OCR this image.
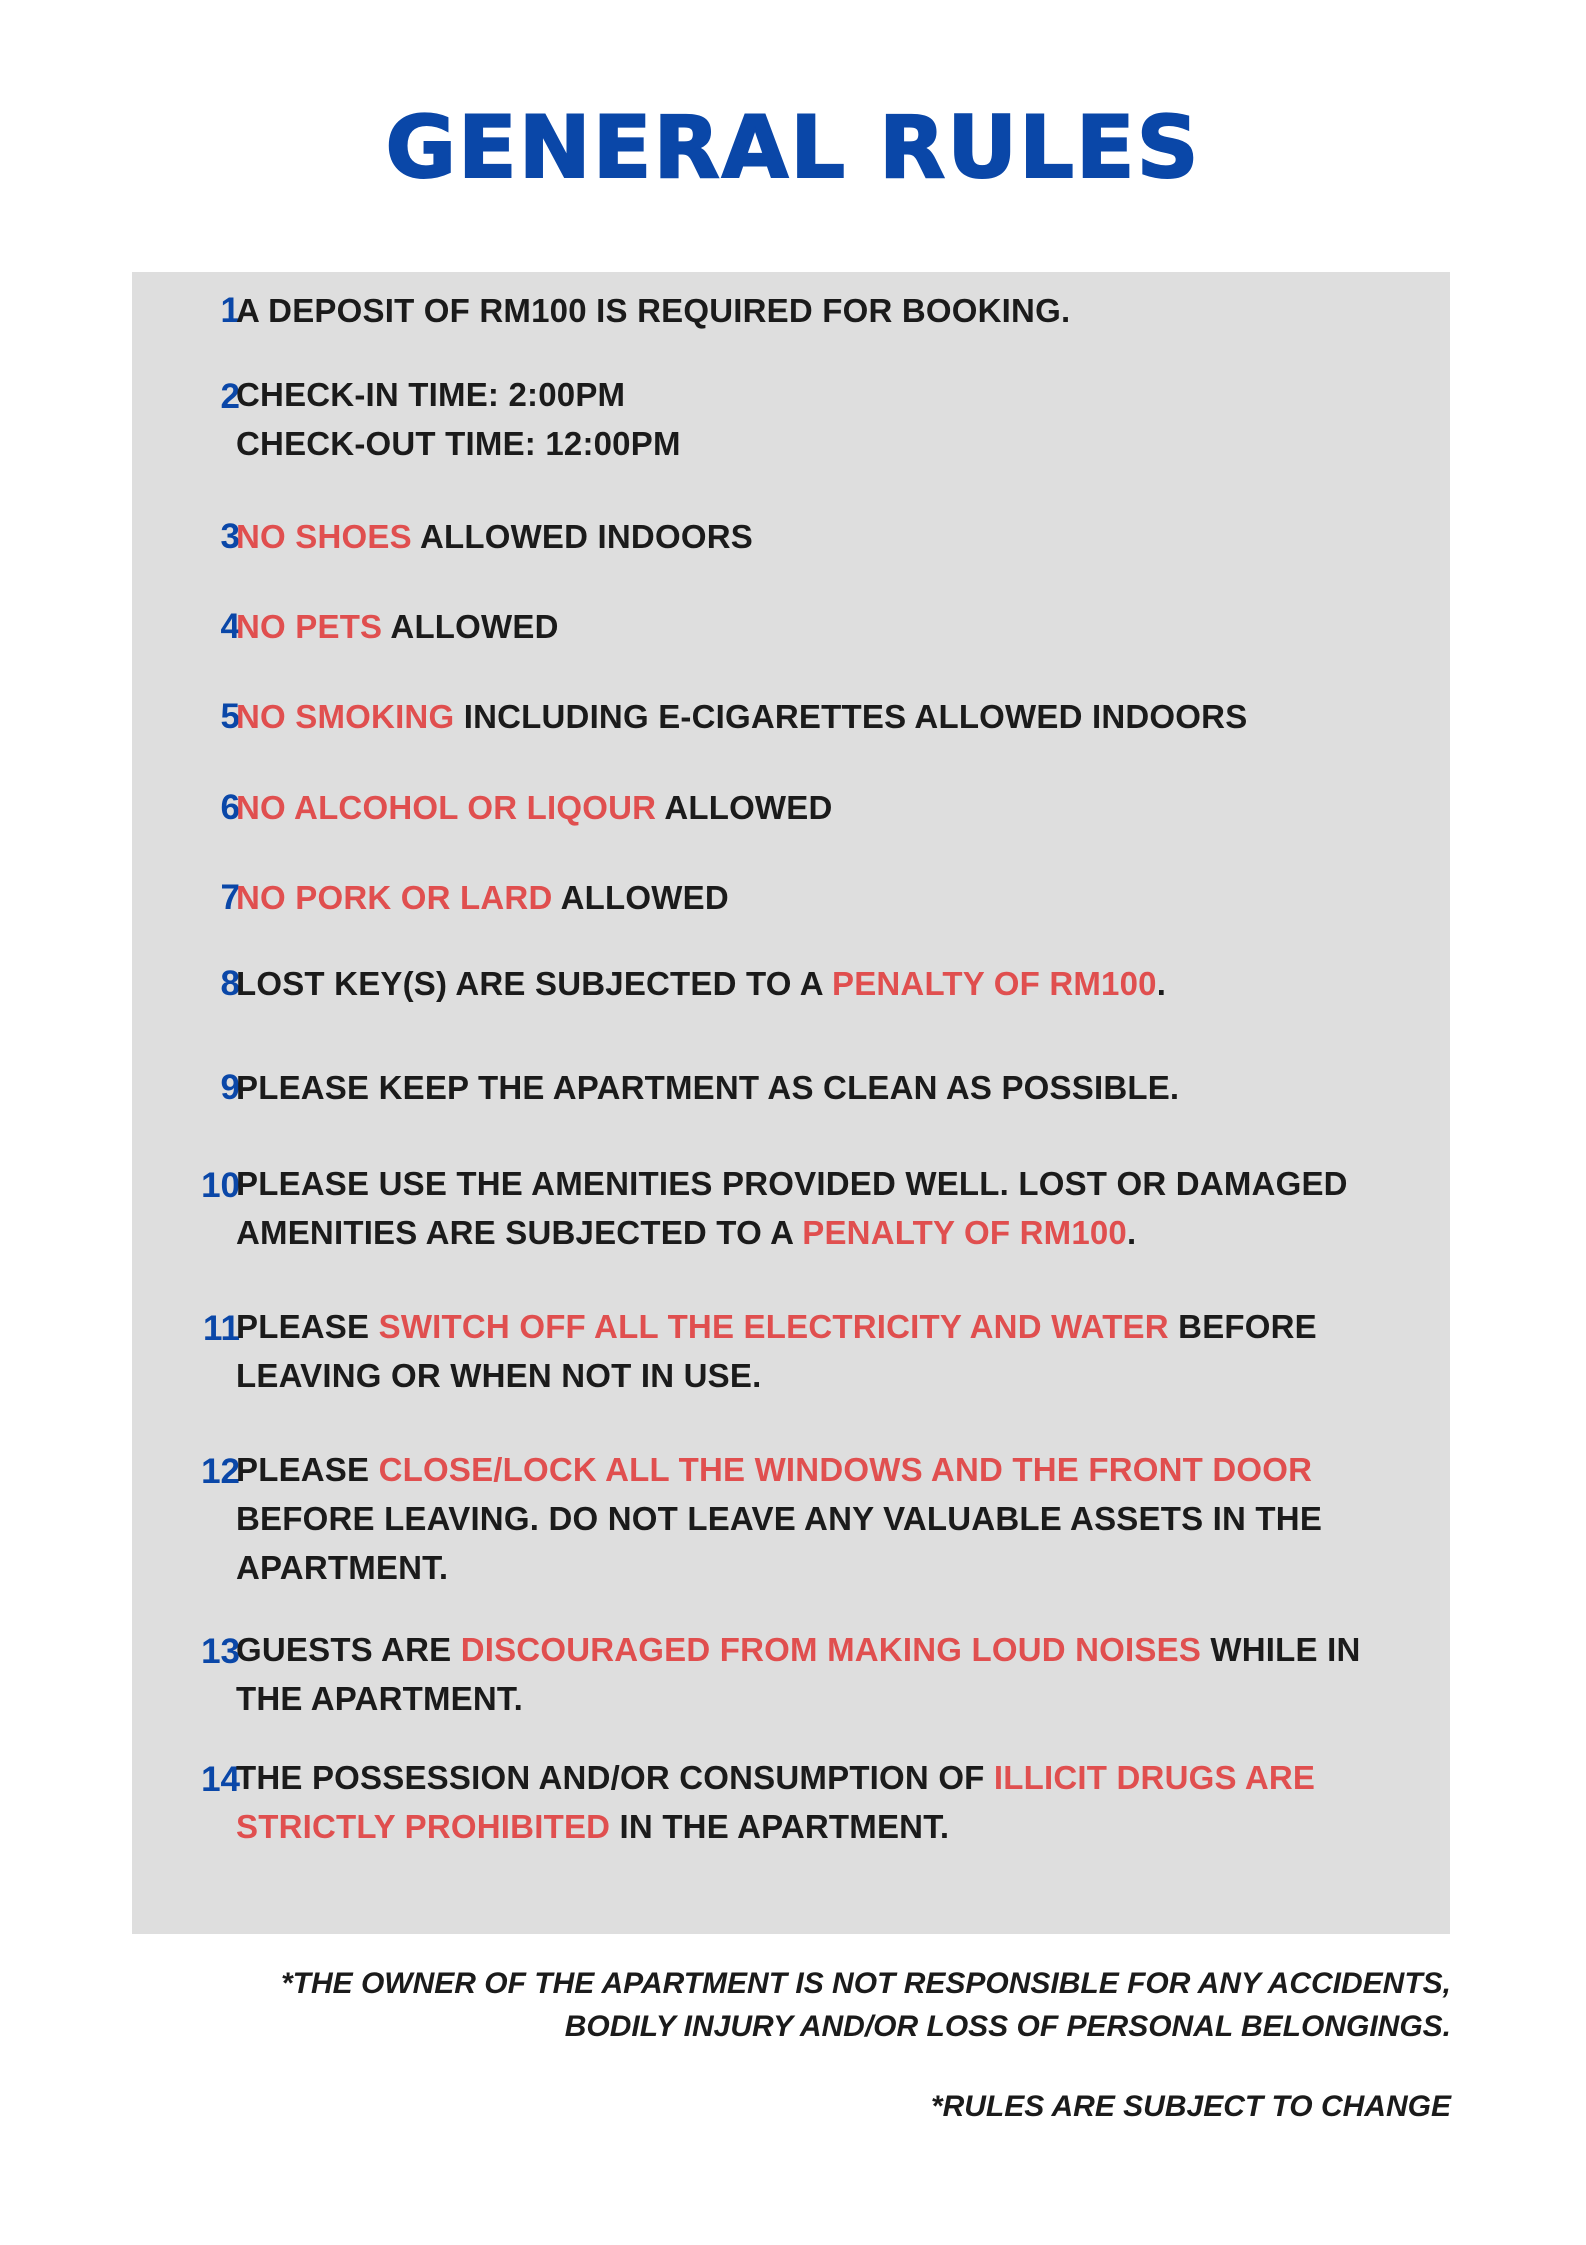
GENERAL RULES
1
A DEPOSIT OF RM100 IS REQUIRED FOR BOOKING.
2
CHECK-IN TIME: 2:00PM
CHECK-OUT TIME: 12:00PM
3
NO SHOES ALLOWED INDOORS
4
NO PETS ALLOWED
5
NO SMOKING INCLUDING E-CIGARETTES ALLOWED INDOORS
6
NO ALCOHOL OR LIQOUR ALLOWED
7
NO PORK OR LARD ALLOWED
8
LOST KEY(S) ARE SUBJECTED TO A PENALTY OF RM100.
9
PLEASE KEEP THE APARTMENT AS CLEAN AS POSSIBLE.
10
PLEASE USE THE AMENITIES PROVIDED WELL. LOST OR DAMAGED
AMENITIES ARE SUBJECTED TO A PENALTY OF RM100.
11
PLEASE SWITCH OFF ALL THE ELECTRICITY AND WATER BEFORE
LEAVING OR WHEN NOT IN USE.
12
PLEASE CLOSE/LOCK ALL THE WINDOWS AND THE FRONT DOOR
BEFORE LEAVING. DO NOT LEAVE ANY VALUABLE ASSETS IN THE
APARTMENT.
13
GUESTS ARE DISCOURAGED FROM MAKING LOUD NOISES WHILE IN
THE APARTMENT.
14
THE POSSESSION AND/OR CONSUMPTION OF ILLICIT DRUGS ARE
STRICTLY PROHIBITED IN THE APARTMENT.
*THE OWNER OF THE APARTMENT IS NOT RESPONSIBLE FOR ANY ACCIDENTS,
BODILY INJURY AND/OR LOSS OF PERSONAL BELONGINGS.
*RULES ARE SUBJECT TO CHANGE
